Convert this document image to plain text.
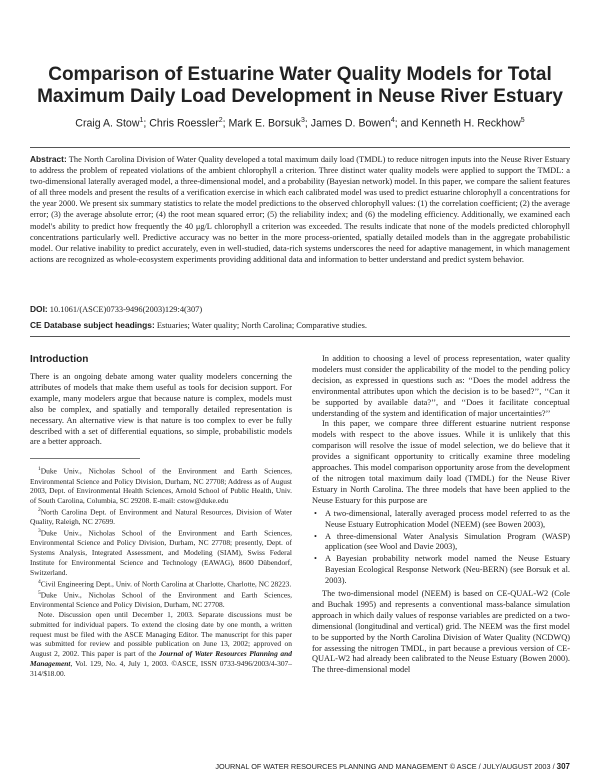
Comparison of Estuarine Water Quality Models for Total
Maximum Daily Load Development in Neuse River Estuary
Craig A. Stow$^1$; Chris Roessler$^2$; Mark E. Borsuk$^3$; James D. Bowen$^4$; and Kenneth H. Reckhow$^5$
Abstract: The North Carolina Division of Water Quality developed a total maximum daily load (TMDL) to reduce nitrogen inputs into the Neuse River Estuary to address the problem of repeated violations of the ambient chlorophyll a criterion. Three distinct water quality models were applied to support the TMDL: a two-dimensional laterally averaged model, a three-dimensional model, and a probability (Bayesian network) model. In this paper, we compare the salient features of all three models and present the results of a verification exercise in which each calibrated model was used to predict estuarine chlorophyll a concentrations for the year 2000. We present six summary statistics to relate the model predictions to the observed chlorophyll values: (1) the correlation coefficient; (2) the average error; (3) the average absolute error; (4) the root mean squared error; (5) the reliability index; and (6) the modeling efficiency. Additionally, we examined each model's ability to predict how frequently the 40 μg/L chlorophyll a criterion was exceeded. The results indicate that none of the models predicted chlorophyll concentrations particularly well. Predictive accuracy was no better in the more process-oriented, spatially detailed models than in the aggregate probabilistic model. Our relative inability to predict accurately, even in well-studied, data-rich systems underscores the need for adaptive management, in which management actions are recognized as whole-ecosystem experiments providing additional data and information to better understand and predict system behavior.
DOI: 10.1061/(ASCE)0733-9496(2003)129:4(307)
CE Database subject headings: Estuaries; Water quality; North Carolina; Comparative studies.
Introduction

There is an ongoing debate among water quality modelers concerning the attributes of models that make them useful as tools for decision support. For example, many modelers argue that because nature is complex, models must also be complex, and spatially and temporally detailed representation is necessary. An alternative view is that nature is too complex to ever be fully described with a set of differential equations, so simple, probabilistic models are a better approach.

$^1$Duke Univ., Nicholas School of the Environment and Earth Sciences, Environmental Science and Policy Division, Durham, NC 27708; Address as of August 2003, Dept. of Environmental Health Sciences, Arnold School of Public Health, Univ. of South Carolina, Columbia, SC 29208. E-mail: cstow@duke.edu

$^2$North Carolina Dept. of Environment and Natural Resources, Division of Water Quality, Raleigh, NC 27699.

$^3$Duke Univ., Nicholas School of the Environment and Earth Sciences, Environmental Science and Policy Division, Durham, NC 27708; presently, Dept. of Systems Analysis, Integrated Assessment, and Modeling (SIAM), Swiss Federal Institute for Environmental Science and Technology (EAWAG), 8600 Dübendorf, Switzerland.

$^4$Civil Engineering Dept., Univ. of North Carolina at Charlotte, Charlotte, NC 28223.

$^5$Duke Univ., Nicholas School of the Environment and Earth Sciences, Environmental Science and Policy Division, Durham, NC 27708.

Note. Discussion open until December 1, 2003. Separate discussions must be submitted for individual papers. To extend the closing date by one month, a written request must be filed with the ASCE Managing Editor. The manuscript for this paper was submitted for review and possible publication on June 13, 2002; approved on August 2, 2002. This paper is part of the Journal of Water Resources Planning and Management, Vol. 129, No. 4, July 1, 2003. ©ASCE, ISSN 0733-9496/2003/4-307–314/$18.00.

In addition to choosing a level of process representation, water quality modelers must consider the applicability of the model to the pending policy decision, as expressed in questions such as: ‘‘Does the model address the environmental attributes upon which the decision is to be based?’’, ‘‘Can it be supported by available data?’’, and ‘‘Does it facilitate conceptual understanding of the system and identification of major uncertainties?’’

In this paper, we compare three different estuarine nutrient response models with respect to the above issues. While it is unlikely that this comparison will resolve the issue of model selection, we do believe that it provides a significant opportunity to critically examine three modeling approaches. This model comparison opportunity arose from the development of the nitrogen total maximum daily load (TMDL) for the Neuse River Estuary in North Carolina. The three models that have been applied to the Neuse Estuary for this purpose are

• A two-dimensional, laterally averaged process model referred to as the Neuse Estuary Eutrophication Model (NEEM) (see Bowen 2003),
• A three-dimensional Water Analysis Simulation Program (WASP) application (see Wool and Davie 2003),
• A Bayesian probability network model named the Neuse Estuary Bayesian Ecological Response Network (Neu-BERN) (see Borsuk et al. 2003).

The two-dimensional model (NEEM) is based on CE-QUAL-W2 (Cole and Buchak 1995) and represents a conventional mass-balance simulation approach in which daily values of response variables are predicted on a two-dimensional (longitudinal and vertical) grid. The NEEM was the first model to be supported by the North Carolina Division of Water Quality (NCDWQ) for assessing the nitrogen TMDL, in part because a previous version of CE-QUAL-W2 had already been calibrated to the Neuse Estuary (Bowen 2000). The three-dimensional model

JOURNAL OF WATER RESOURCES PLANNING AND MANAGEMENT © ASCE / JULY/AUGUST 2003 / 307
